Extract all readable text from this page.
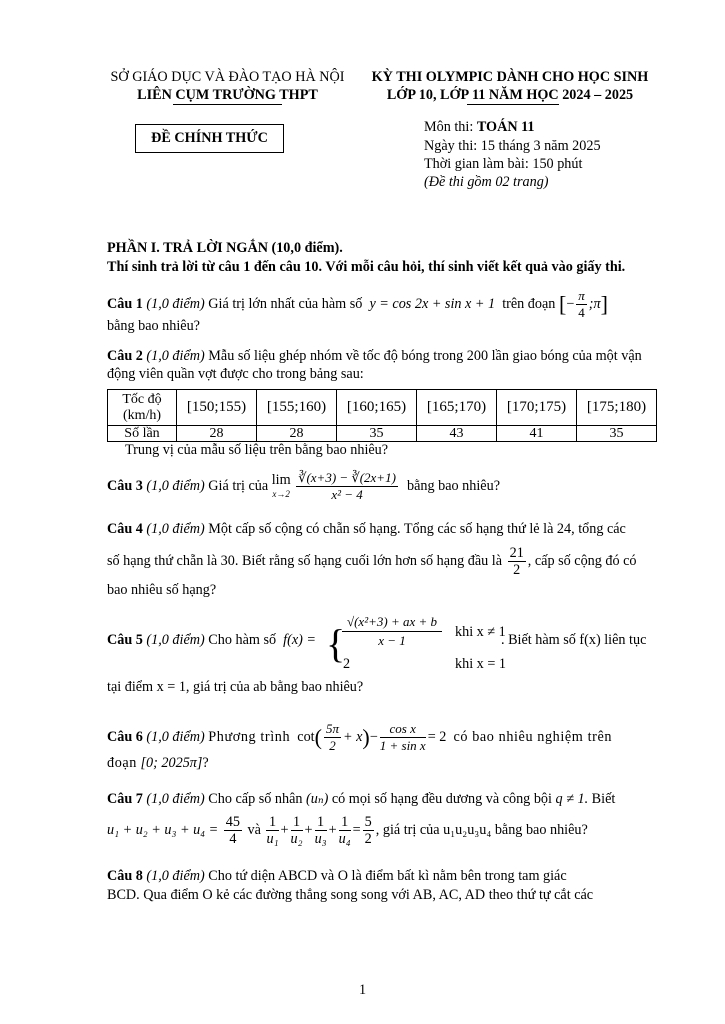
SỞ GIÁO DỤC VÀ ĐÀO TẠO HÀ NỘI
LIÊN CỤM TRƯỜNG THPT
KỲ THI OLYMPIC DÀNH CHO HỌC SINH
LỚP 10, LỚP 11 NĂM HỌC 2024 – 2025
ĐỀ CHÍNH THỨC
Môn thi: TOÁN 11
Ngày thi: 15 tháng 3 năm 2025
Thời gian làm bài: 150 phút
(Đề thi gồm 02 trang)
PHẦN I. TRẢ LỜI NGẮN (10,0 điểm).
Thí sinh trả lời từ câu 1 đến câu 10. Với mỗi câu hỏi, thí sinh viết kết quả vào giấy thi.
Câu 1 (1,0 điểm) Giá trị lớn nhất của hàm số y = cos 2x + sin x + 1 trên đoạn [− $\frac{\pi}{4}$ ;π]
bằng bao nhiêu?
Câu 2 (1,0 điểm) Mẫu số liệu ghép nhóm về tốc độ bóng trong 200 lần giao bóng của một vận
động viên quần vợt được cho trong bảng sau:
Tốc độ
(km/h)	[150;155)	[155;160)	[160;165)	[165;170)	[170;175)	[175;180)
Số lần	28	28	35	43	41	35
Trung vị của mẫu số liệu trên bằng bao nhiêu?
Câu 3 (1,0 điểm) Giá trị của lim
x→2
$\frac{∛(x+3) - ∛(2x+1)}{\text{x² − 4}}$ bằng bao nhiêu?
Câu 4 (1,0 điểm) Một cấp số cộng có chẵn số hạng. Tổng các số hạng thứ lẻ là 24, tổng các
số hạng thứ chẵn là 30. Biết rằng số hạng cuối lớn hơn số hạng đầu là $\frac{21}{2}$ , cấp số cộng đó có
bao nhiêu số hạng?
Câu 5 (1,0 điểm) Cho hàm số f(x) = { √(x²+3) + ax + b
x − 1
khi x ≠ 1
2	khi x = 1
. Biết hàm số f(x) liên tục
tại điểm x = 1, giá trị của ab bằng bao nhiêu?
Câu 6 (1,0 điểm) Phương trình $\cot( \frac{5\pi}{2} + x)- \frac{\text{cos x}}{\text{1 + sin x}} = 2$ có bao nhiêu nghiệm trên
đoạn [0; 2025π]?
Câu 7 (1,0 điểm) Cho cấp số nhân (uₙ) có mọi số hạng đều dương và công bội q ≠ 1. Biết
$u_1 + u_2 + u_3 + u_4 = \frac{45}{4}$ và $\frac{1}{\text{u₁}} + \frac{1}{\text{u₂}} + \frac{1}{\text{u₃}} + \frac{1}{\text{u₄}} = \frac{5}{2}$ , giá trị của u₁u₂u₃u₄ bằng bao nhiêu?
Câu 8 (1,0 điểm) Cho tứ diện ABCD và O là điểm bất kì nằm bên trong tam giác
BCD. Qua điểm O kẻ các đường thẳng song song với AB, AC, AD theo thứ tự cắt các
1
